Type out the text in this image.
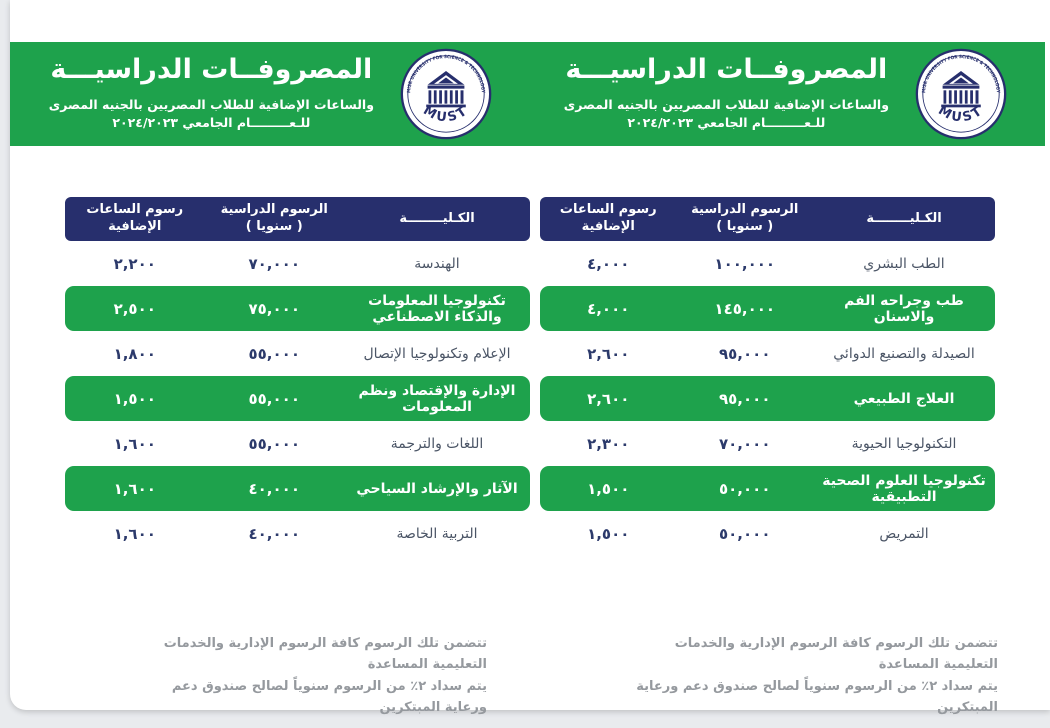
المصروفــات الدراسيـــة

والساعات الإضافية للطلاب المصريين بالجنيه المصرى

للـعـــــــــام الجامعي ٢٠٢٤/٢٠٢٣

المصروفــات الدراسيـــة

والساعات الإضافية للطلاب المصريين بالجنيه المصرى

للـعـــــــــام الجامعي ٢٠٢٤/٢٠٢٣

الكـليــــــــة
الرسوم الدراسية
( سنويا )
رسوم الساعات
الإضافية
الطب البشري
١٠٠,٠٠٠
٤,٠٠٠
طب وجراحه الفم والاسنان
١٤٥,٠٠٠
٤,٠٠٠
الصيدلة والتصنيع الدوائي
٩٥,٠٠٠
٢,٦٠٠
العلاج الطبيعي
٩٥,٠٠٠
٢,٦٠٠
التكنولوجيا الحيوية
٧٠,٠٠٠
٢,٣٠٠
تكنولوجيا العلوم الصحية التطبيقية
٥٠,٠٠٠
١,٥٠٠
التمريض
٥٠,٠٠٠
١,٥٠٠
الكـليــــــــة
الرسوم الدراسية
( سنويا )
رسوم الساعات
الإضافية
الهندسة
٧٠,٠٠٠
٢,٢٠٠
تكنولوجيا المعلومات والذكاء الاصطناعي
٧٥,٠٠٠
٢,٥٠٠
الإعلام وتكنولوجيا الإتصال
٥٥,٠٠٠
١,٨٠٠
الإدارة والإقتصاد ونظم المعلومات
٥٥,٠٠٠
١,٥٠٠
اللغات والترجمة
٥٥,٠٠٠
١,٦٠٠
الآثار والإرشاد السياحي
٤٠,٠٠٠
١,٦٠٠
التربية الخاصة
٤٠,٠٠٠
١,٦٠٠

تتضمن تلك الرسوم كافة الرسوم الإدارية والخدمات التعليمية المساعدة

يتم سداد ٢٪ من الرسوم سنوياً لصالح صندوق دعم ورعاية المبتكرين

تتضمن تلك الرسوم كافة الرسوم الإدارية والخدمات التعليمية المساعدة

يتم سداد ٢٪ من الرسوم سنوياً لصالح صندوق دعم ورعاية المبتكرين
